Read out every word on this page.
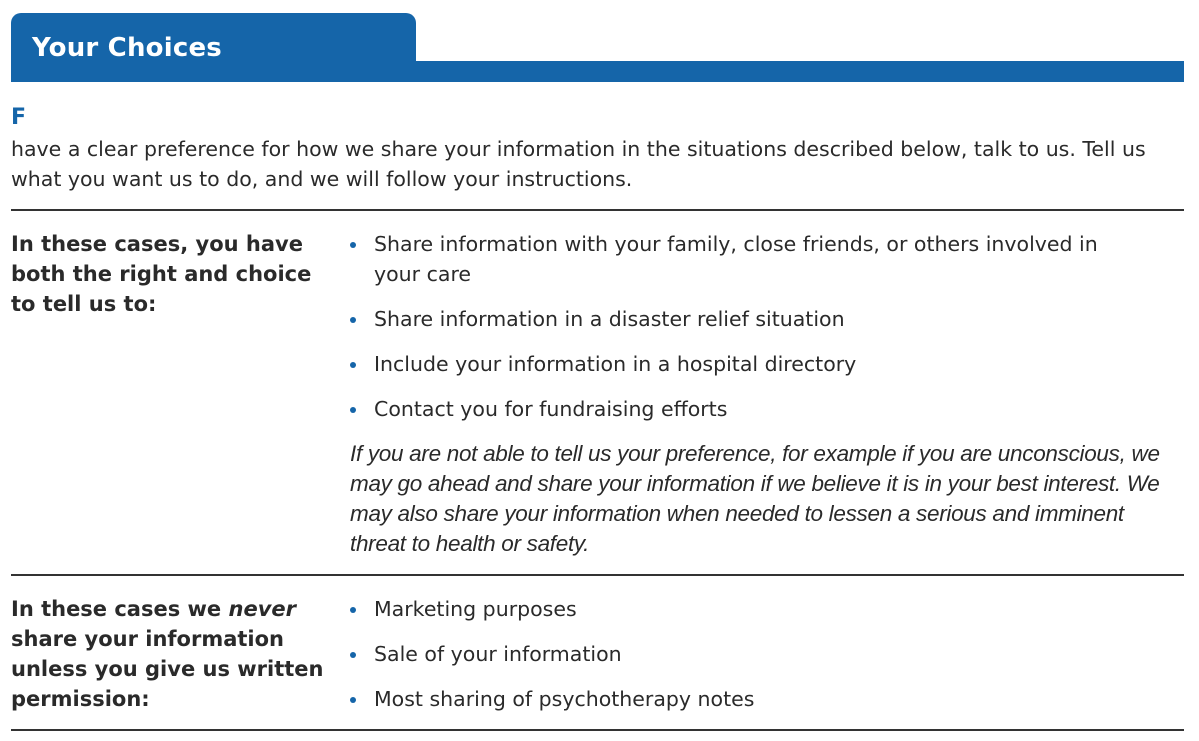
Your Choices
F
have a clear preference for how we share your information in the situations described below, talk to us. Tell us what you want us to do, and we will follow your instructions.
In these cases, you have both the right and choice to tell us to:
Share information with your family, close friends, or others involved in your care
Share information in a disaster relief situation
Include your information in a hospital directory
Contact you for fundraising efforts
If you are not able to tell us your preference, for example if you are unconscious, we may go ahead and share your information if we believe it is in your best interest. We may also share your information when needed to lessen a serious and imminent threat to health or safety.
In these cases we never share your information unless you give us written permission:
Marketing purposes
Sale of your information
Most sharing of psychotherapy notes
